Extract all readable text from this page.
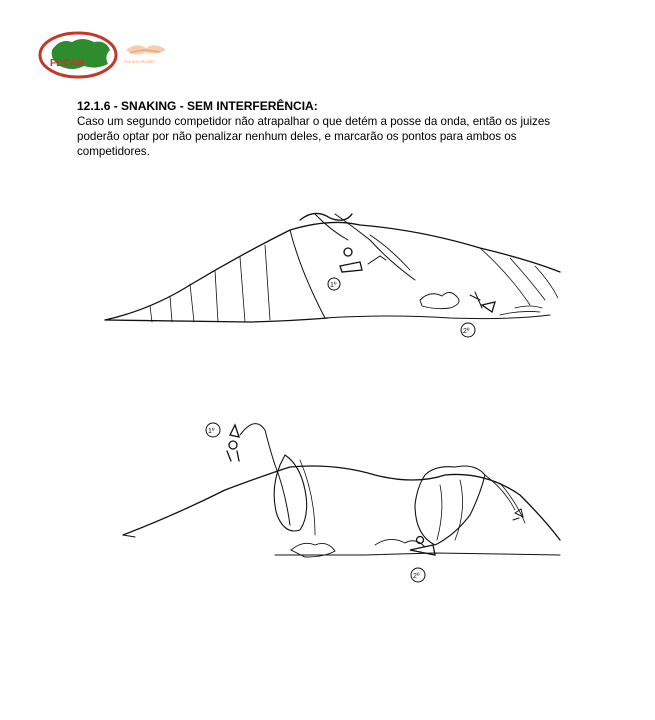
FECAB	FEB BODYBOARD

12.1.6 - SNAKING - SEM INTERFERÊNCIA:

Caso um segundo competidor não atrapalhar o que detém a posse da onda, então os juizes poderão optar por não penalizar nenhum deles, e marcarão os pontos para ambos os competidores.

1º
2º
1º
2º
